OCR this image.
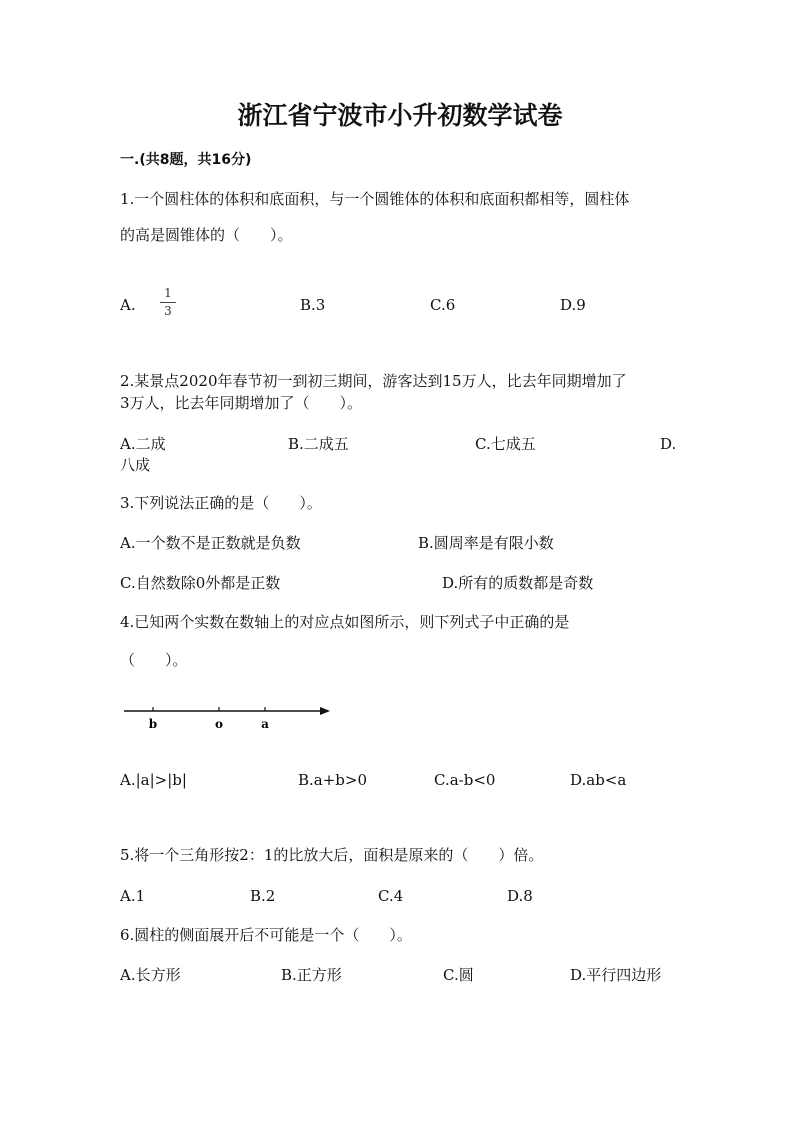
浙江省宁波市小升初数学试卷
一.(共8题，共16分)
1.一个圆柱体的体积和底面积，与一个圆锥体的体积和底面积都相等，圆柱体
的高是圆锥体的（　　）。
A.
1
3	B.3	C.6	D.9
2.某景点2020年春节初一到初三期间，游客达到15万人，比去年同期增加了
3万人，比去年同期增加了（　　）。
A.二成	B.二成五	C.七成五	D.
八成
3.下列说法正确的是（　　）。
A.一个数不是正数就是负数	B.圆周率是有限小数
C.自然数除0外都是正数	D.所有的质数都是奇数
4.已知两个实数在数轴上的对应点如图所示，则下列式子中正确的是
（　　）。
b	o	a
A.|a|>|b|	B.a+b>0	C.a-b<0	D.ab<a
5.将一个三角形按2：1的比放大后，面积是原来的（　　）倍。
A.1	B.2	C.4	D.8
6.圆柱的侧面展开后不可能是一个（　　）。
A.长方形	B.正方形	C.圆	D.平行四边形
